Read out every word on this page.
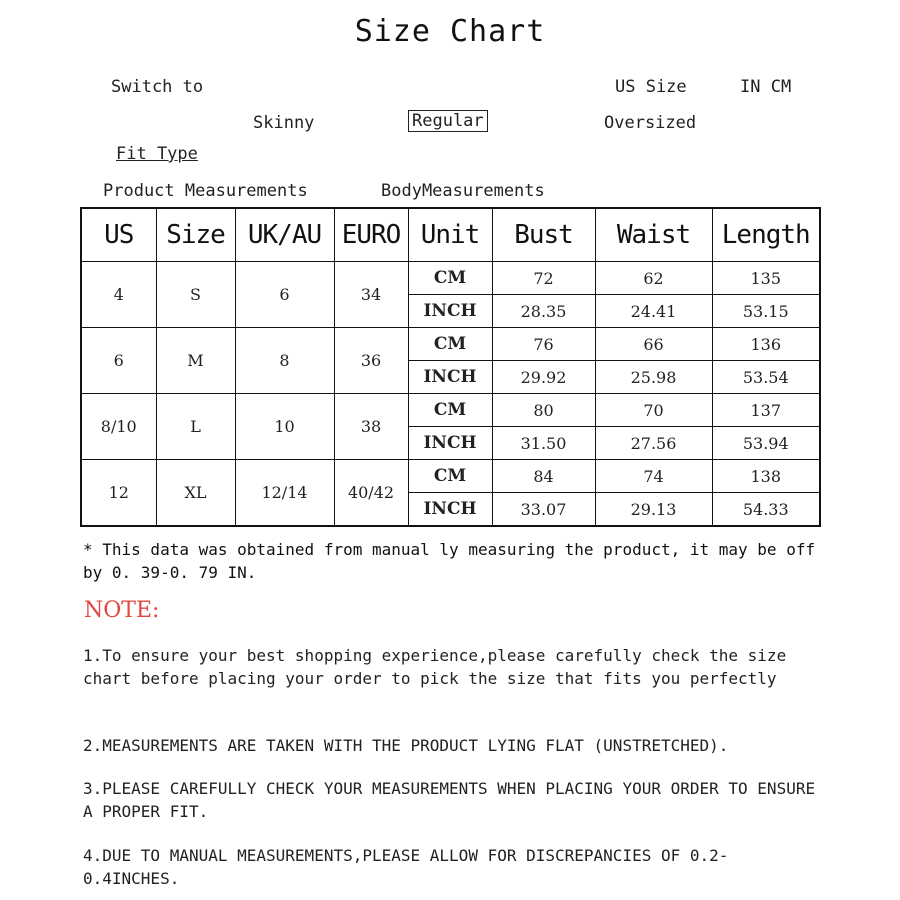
Size Chart
Switch to	US Size	IN CM
Skinny	Regular	Oversized
Fit Type
Product Measurements	BodyMeasurements
US	Size	UK/AU	EURO	Unit	Bust	Waist	Length
4	S	6	34	CM	72	62	135
				INCH	28.35	24.41	53.15
6	M	8	36	CM	76	66	136
				INCH	29.92	25.98	53.54
8/10	L	10	38	CM	80	70	137
				INCH	31.50	27.56	53.94
12	XL	12/14	40/42	CM	84	74	138
				INCH	33.07	29.13	54.33
* This data was obtained from manual ly measuring the product, it may be off by 0. 39-0. 79 IN.
NOTE:
1.To ensure your best shopping experience,please carefully check the size chart before placing your order to pick the size that fits you perfectly
2.MEASUREMENTS ARE TAKEN WITH THE PRODUCT LYING FLAT (UNSTRETCHED).
3.PLEASE CAREFULLY CHECK YOUR MEASUREMENTS WHEN PLACING YOUR ORDER TO ENSURE A PROPER FIT.
4.DUE TO MANUAL MEASUREMENTS,PLEASE ALLOW FOR DISCREPANCIES OF 0.2-0.4INCHES.
